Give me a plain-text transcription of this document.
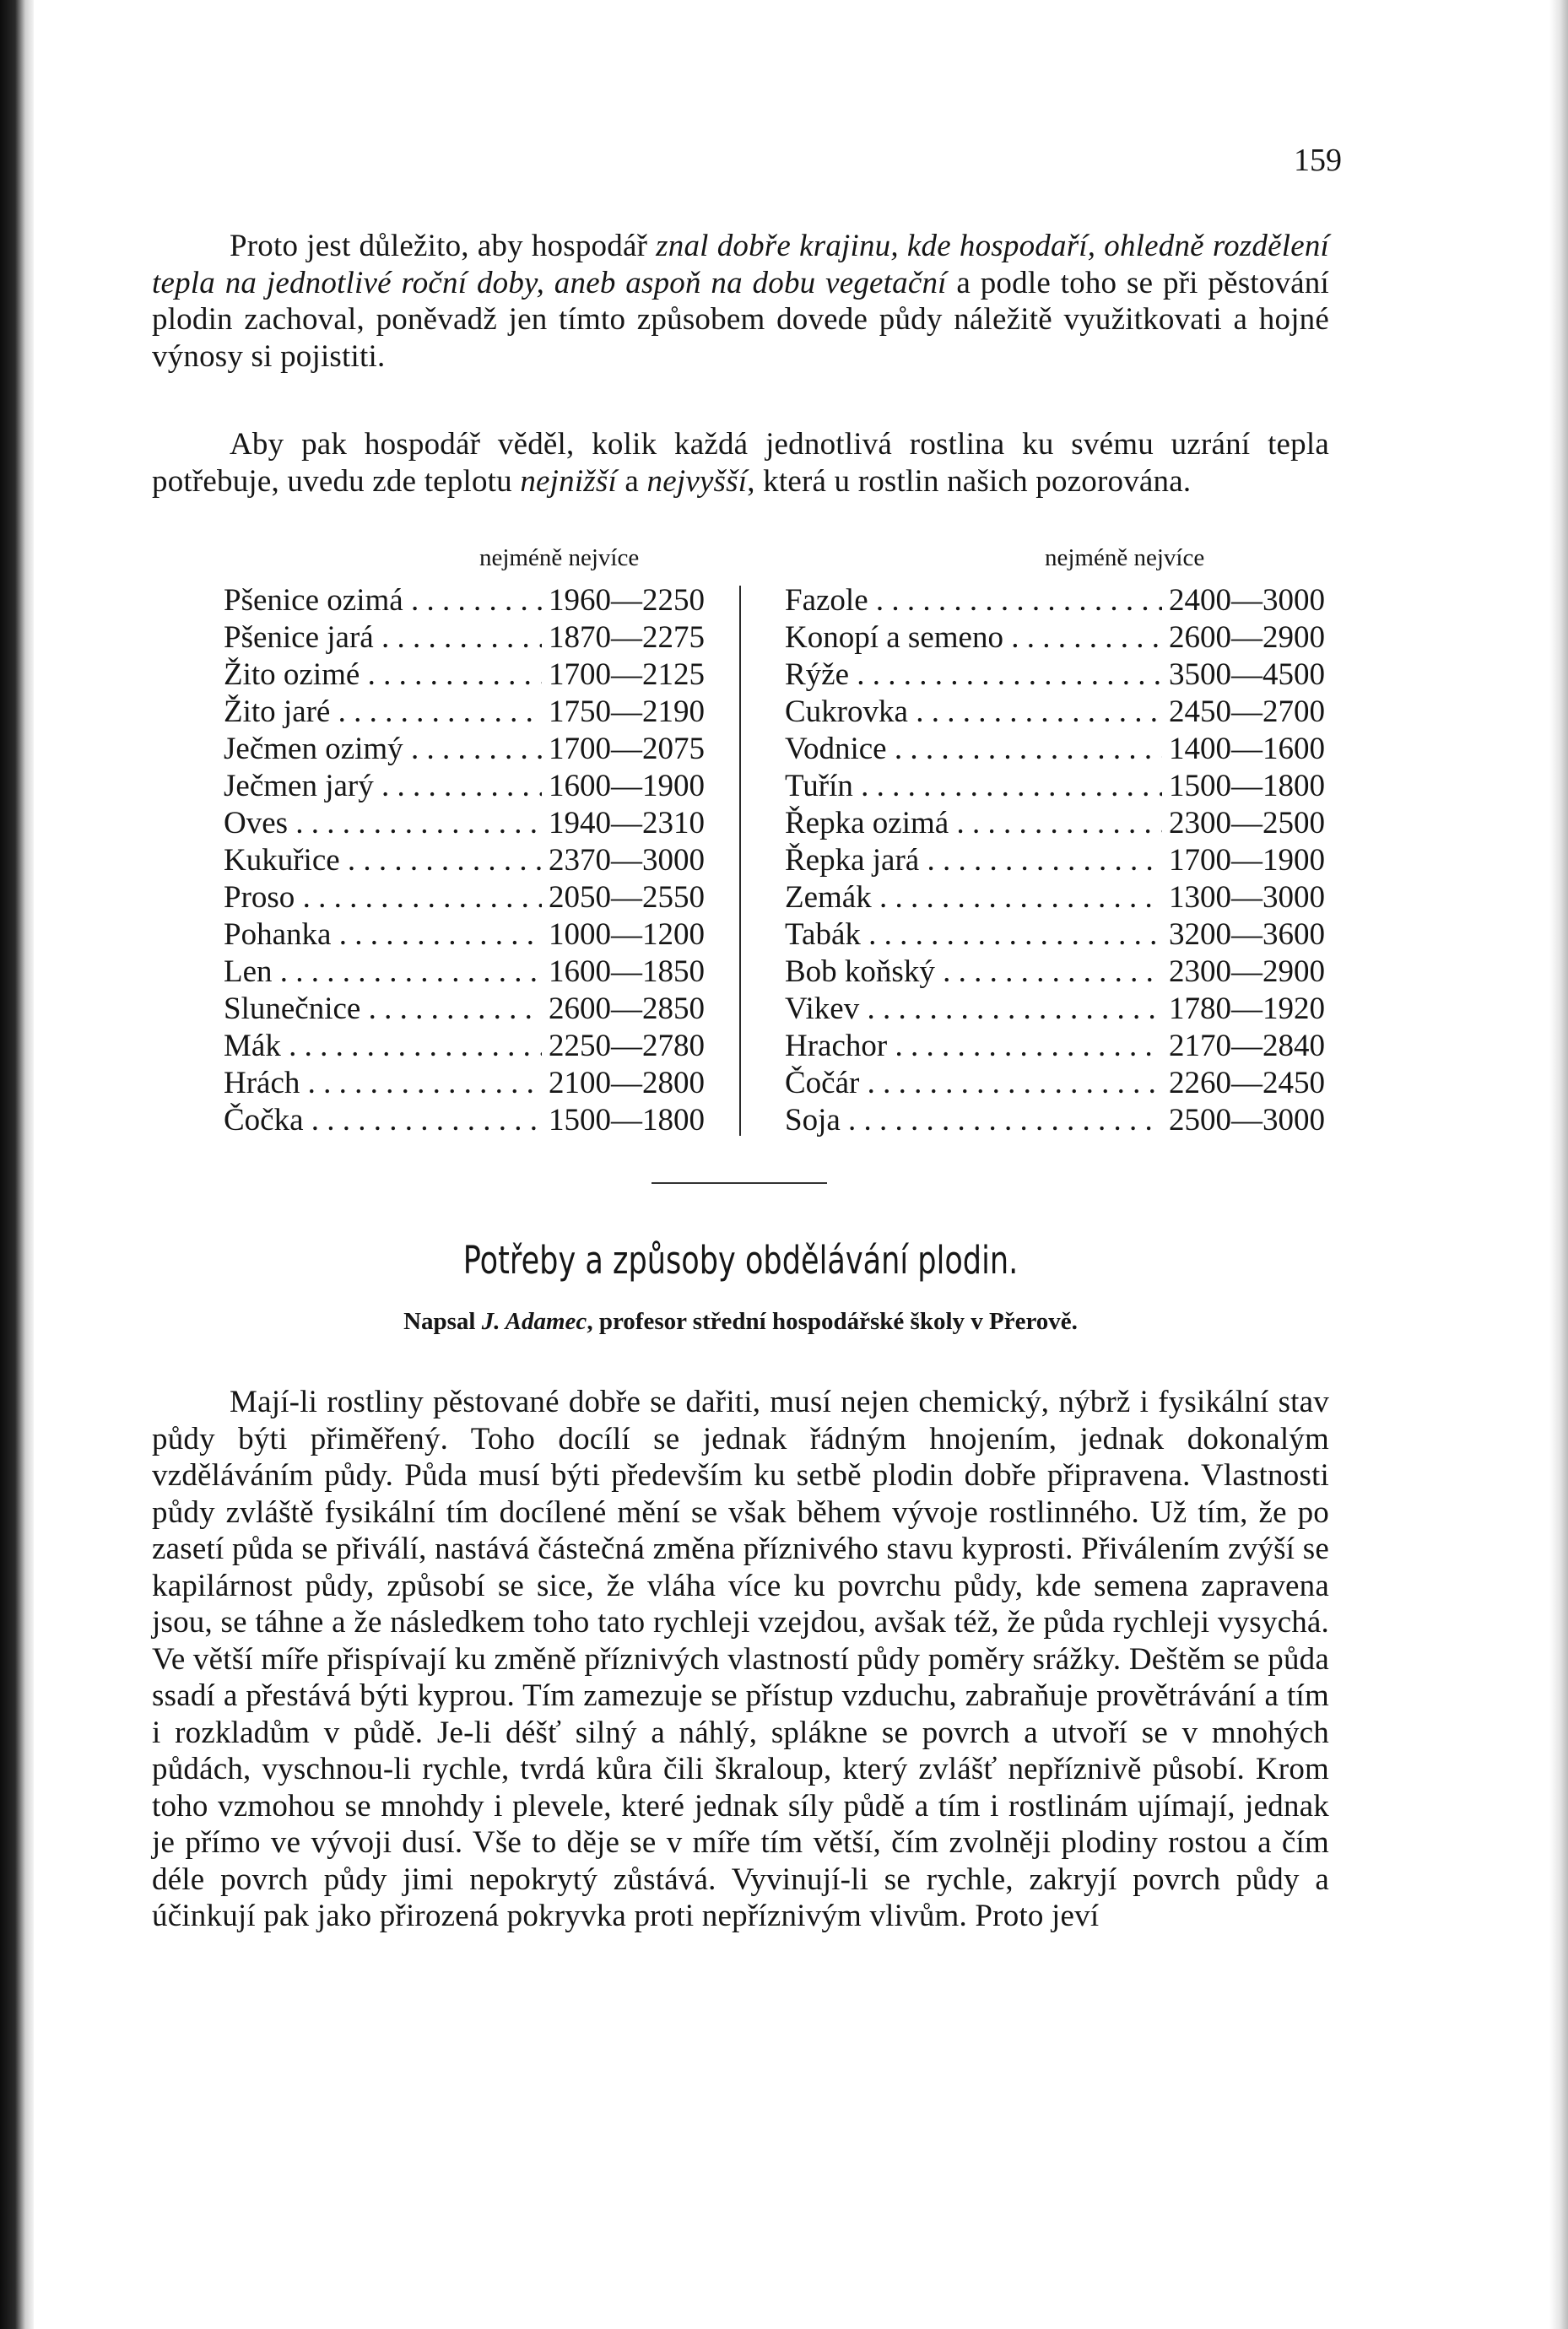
159

Proto jest důležito, aby hospodář znal dobře krajinu, kde hospodaří, ohledně rozdělení tepla na jednotlivé roční doby, aneb aspoň na dobu vegetační a podle toho se při pěstování plodin zachoval, poněvadž jen tímto způsobem dovede půdy náležitě využitkovati a hojné výnosy si pojistiti.

Aby pak hospodář věděl, kolik každá jednotlivá rostlina ku svému uzrání tepla potřebuje, uvedu zde teplotu nejnižší a nejvyšší, která u rostlin našich pozorována.

nejméně nejvíce	nejméně nejvíce
Pšenice ozimá . . .	1960—2250
Pšenice jará . . .	1870—2275
Žito ozimé . . .	1700—2125
Žito jaré . . .	1750—2190
Ječmen ozimý . . .	1700—2075
Ječmen jarý . . .	1600—1900
Oves . . .	1940—2310
Kukuřice . . .	2370—3000
Proso . . .	2050—2550
Pohanka . . .	1000—1200
Len . . .	1600—1850
Slunečnice . . .	2600—2850
Mák . . .	2250—2780
Hrách . . .	2100—2800
Čočka . . .	1500—1800
Fazole . . .	2400—3000
Konopí a semeno . . .	2600—2900
Rýže . . .	3500—4500
Cukrovka . . .	2450—2700
Vodnice . . .	1400—1600
Tuřín . . .	1500—1800
Řepka ozimá . . .	2300—2500
Řepka jará . . .	1700—1900
Zemák . . .	1300—3000
Tabák . . .	3200—3600
Bob koňský . . .	2300—2900
Vikev . . .	1780—1920
Hrachor . . .	2170—2840
Čočár . . .	2260—2450
Soja . . .	2500—3000
Potřeby a způsoby obdělávání plodin.
Napsal J. Adamec, profesor střední hospodářské školy v Přerově.

Mají-li rostliny pěstované dobře se dařiti, musí nejen chemický, nýbrž i fysikální stav půdy býti přiměřený. Toho docílí se jednak řádným hnojením, jednak dokonalým vzděláváním půdy. Půda musí býti především ku setbě plodin dobře připravena. Vlastnosti půdy zvláště fysikální tím docílené mění se však během vývoje rostlinného. Už tím, že po zasetí půda se přiválí, nastává částečná změna příznivého stavu kyprosti. Přiválením zvýší se kapilárnost půdy, způsobí se sice, že vláha více ku povrchu půdy, kde semena zapravena jsou, se táhne a že následkem toho tato rychleji vzejdou, avšak též, že půda rychleji vysychá. Ve větší míře přispívají ku změně příznivých vlastností půdy poměry srážky. Deštěm se půda ssadí a přestává býti kyprou. Tím zamezuje se přístup vzduchu, zabraňuje provětrávání a tím i rozkladům v půdě. Je-li déšť silný a náhlý, splákne se povrch a utvoří se v mnohých půdách, vyschnou-li rychle, tvrdá kůra čili škraloup, který zvlášť nepříznivě působí. Krom toho vzmohou se mnohdy i plevele, které jednak síly půdě a tím i rostlinám ujímají, jednak je přímo ve vývoji dusí. Vše to děje se v míře tím větší, čím zvolněji plodiny rostou a čím déle povrch půdy jimi nepokrytý zůstává. Vyvinují-li se rychle, zakryjí povrch půdy a účinkují pak jako přirozená pokryvka proti nepříznivým vlivům. Proto jeví
